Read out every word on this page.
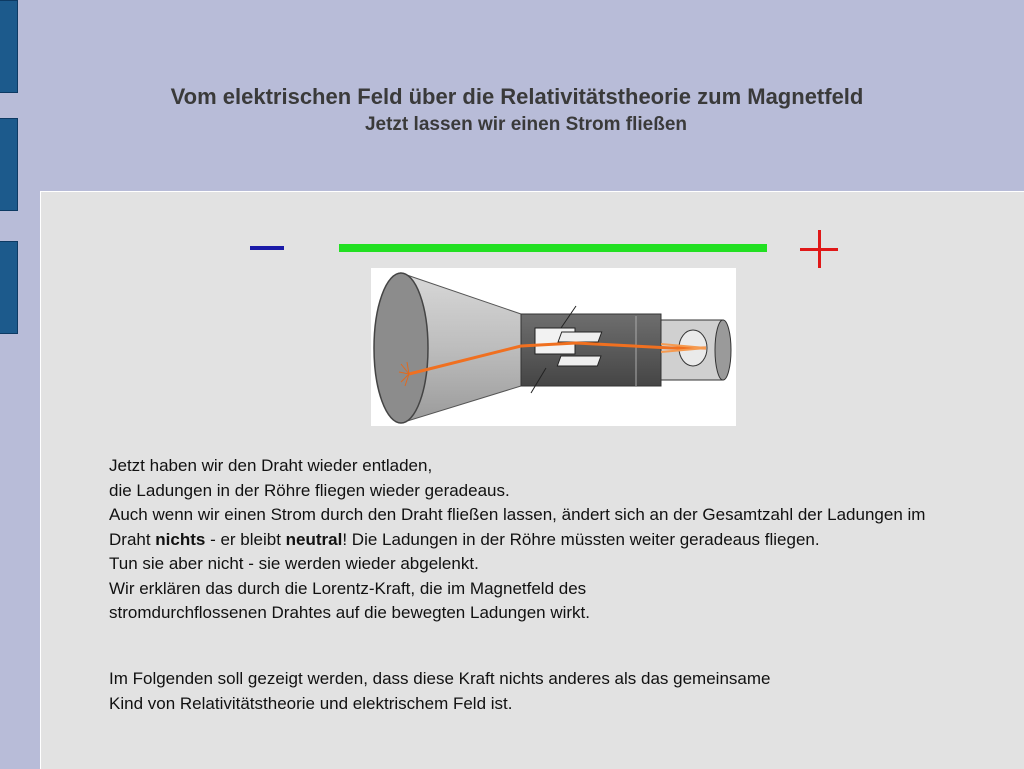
Vom elektrischen Feld über die Relativitätstheorie zum Magnetfeld
Jetzt lassen wir einen Strom fließen

Jetzt haben wir den Draht wieder entladen,

die Ladungen in der Röhre fliegen wieder geradeaus.

Auch wenn wir einen Strom durch den Draht fließen lassen, ändert sich an der Gesamtzahl der Ladungen im Draht nichts - er bleibt neutral! Die Ladungen in der Röhre müssten weiter geradeaus fliegen.

Tun sie aber nicht - sie werden wieder abgelenkt.

Wir erklären das durch die Lorentz-Kraft, die im Magnetfeld des stromdurchflossenen Drahtes auf die bewegten Ladungen wirkt.

Im Folgenden soll gezeigt werden, dass diese Kraft nichts anderes als das gemeinsame Kind von Relativitätstheorie und elektrischem Feld ist.
